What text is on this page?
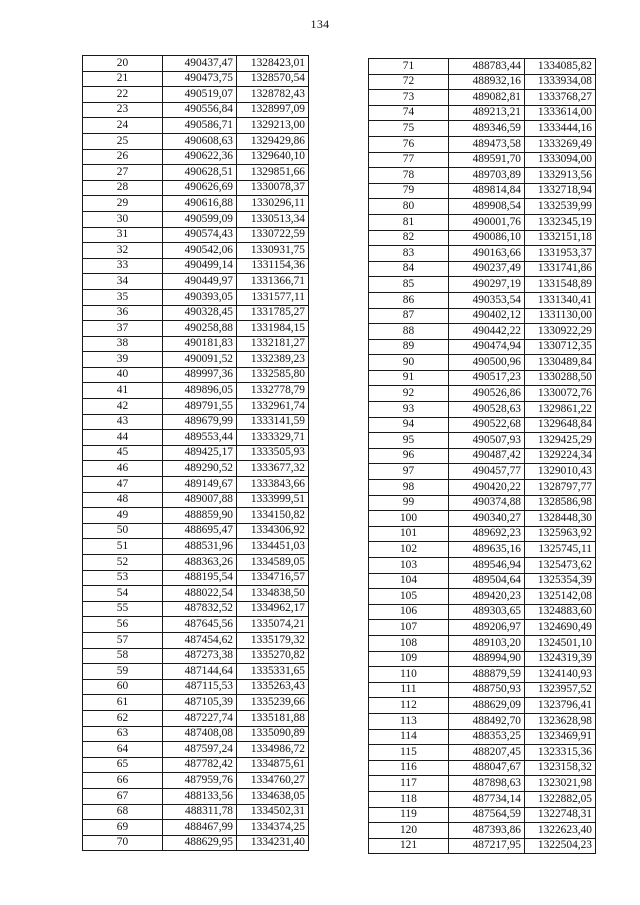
134
20	490437,47	1328423,01
21	490473,75	1328570,54
22	490519,07	1328782,43
23	490556,84	1328997,09
24	490586,71	1329213,00
25	490608,63	1329429,86
26	490622,36	1329640,10
27	490628,51	1329851,66
28	490626,69	1330078,37
29	490616,88	1330296,11
30	490599,09	1330513,34
31	490574,43	1330722,59
32	490542,06	1330931,75
33	490499,14	1331154,36
34	490449,97	1331366,71
35	490393,05	1331577,11
36	490328,45	1331785,27
37	490258,88	1331984,15
38	490181,83	1332181,27
39	490091,52	1332389,23
40	489997,36	1332585,80
41	489896,05	1332778,79
42	489791,55	1332961,74
43	489679,99	1333141,59
44	489553,44	1333329,71
45	489425,17	1333505,93
46	489290,52	1333677,32
47	489149,67	1333843,66
48	489007,88	1333999,51
49	488859,90	1334150,82
50	488695,47	1334306,92
51	488531,96	1334451,03
52	488363,26	1334589,05
53	488195,54	1334716,57
54	488022,54	1334838,50
55	487832,52	1334962,17
56	487645,56	1335074,21
57	487454,62	1335179,32
58	487273,38	1335270,82
59	487144,64	1335331,65
60	487115,53	1335263,43
61	487105,39	1335239,66
62	487227,74	1335181,88
63	487408,08	1335090,89
64	487597,24	1334986,72
65	487782,42	1334875,61
66	487959,76	1334760,27
67	488133,56	1334638,05
68	488311,78	1334502,31
69	488467,99	1334374,25
70	488629,95	1334231,40
71	488783,44	1334085,82
72	488932,16	1333934,08
73	489082,81	1333768,27
74	489213,21	1333614,00
75	489346,59	1333444,16
76	489473,58	1333269,49
77	489591,70	1333094,00
78	489703,89	1332913,56
79	489814,84	1332718,94
80	489908,54	1332539,99
81	490001,76	1332345,19
82	490086,10	1332151,18
83	490163,66	1331953,37
84	490237,49	1331741,86
85	490297,19	1331548,89
86	490353,54	1331340,41
87	490402,12	1331130,00
88	490442,22	1330922,29
89	490474,94	1330712,35
90	490500,96	1330489,84
91	490517,23	1330288,50
92	490526,86	1330072,76
93	490528,63	1329861,22
94	490522,68	1329648,84
95	490507,93	1329425,29
96	490487,42	1329224,34
97	490457,77	1329010,43
98	490420,22	1328797,77
99	490374,88	1328586,98
100	490340,27	1328448,30
101	489692,23	1325963,92
102	489635,16	1325745,11
103	489546,94	1325473,62
104	489504,64	1325354,39
105	489420,23	1325142,08
106	489303,65	1324883,60
107	489206,97	1324690,49
108	489103,20	1324501,10
109	488994,90	1324319,39
110	488879,59	1324140,93
111	488750,93	1323957,52
112	488629,09	1323796,41
113	488492,70	1323628,98
114	488353,25	1323469,91
115	488207,45	1323315,36
116	488047,67	1323158,32
117	487898,63	1323021,98
118	487734,14	1322882,05
119	487564,59	1322748,31
120	487393,86	1322623,40
121	487217,95	1322504,23
